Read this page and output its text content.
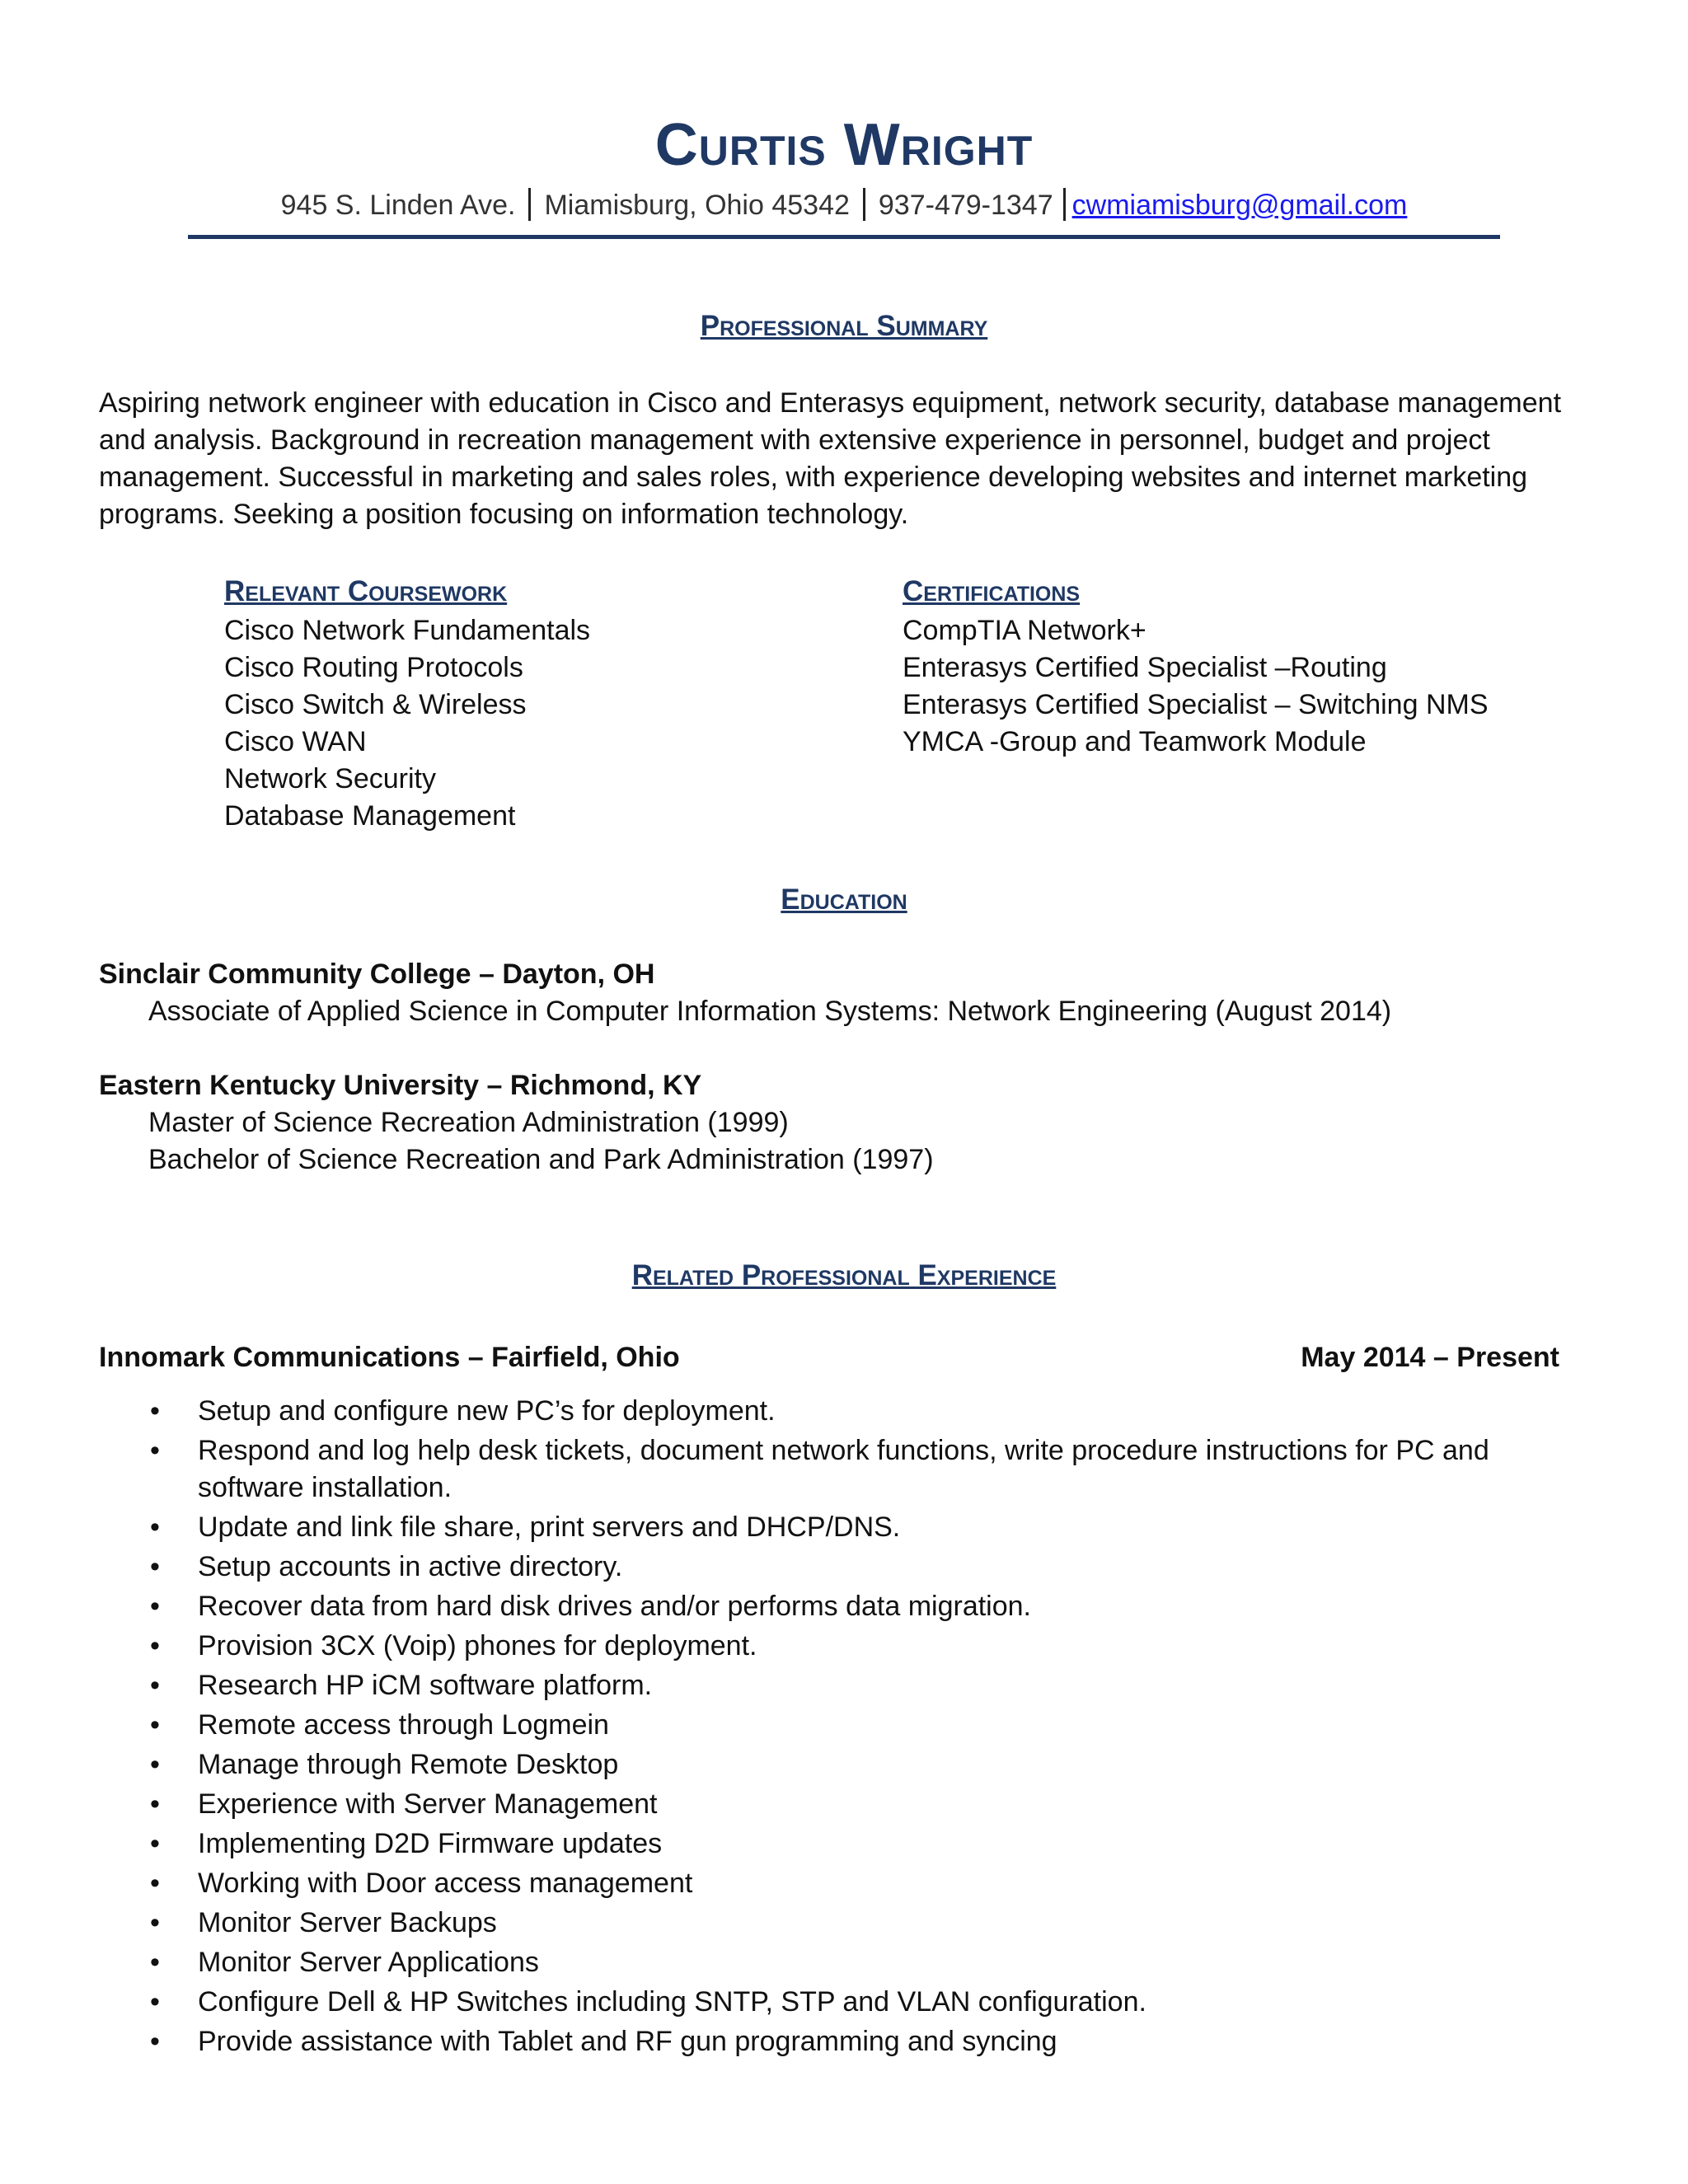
Curtis Wright
945 S. Linden Ave. Miamisburg, Ohio 45342 937-479-1347 cwmiamisburg@gmail.com
Professional Summary

Aspiring network engineer with education in Cisco and Enterasys equipment, network security, database management and analysis. Background in recreation management with extensive experience in personnel, budget and project management. Successful in marketing and sales roles, with experience developing websites and internet marketing programs. Seeking a position focusing on information technology.

Relevant Coursework
Cisco Network Fundamentals
Cisco Routing Protocols
Cisco Switch & Wireless
Cisco WAN
Network Security
Database Management
Certifications
CompTIA Network+
Enterasys Certified Specialist –Routing
Enterasys Certified Specialist – Switching NMS
YMCA -Group and Teamwork Module
Education

Sinclair Community College – Dayton, OH

Associate of Applied Science in Computer Information Systems: Network Engineering (August 2014)

Eastern Kentucky University – Richmond, KY

Master of Science Recreation Administration (1999)

Bachelor of Science Recreation and Park Administration (1997)

Related Professional Experience
Innomark Communications – Fairfield, Ohio	May 2014 – Present
• Setup and configure new PC’s for deployment.
• Respond and log help desk tickets, document network functions, write procedure instructions for PC and software installation.
• Update and link file share, print servers and DHCP/DNS.
• Setup accounts in active directory.
• Recover data from hard disk drives and/or performs data migration.
• Provision 3CX (Voip) phones for deployment.
• Research HP iCM software platform.
• Remote access through Logmein
• Manage through Remote Desktop
• Experience with Server Management
• Implementing D2D Firmware updates
• Working with Door access management
• Monitor Server Backups
• Monitor Server Applications
• Configure Dell & HP Switches including SNTP, STP and VLAN configuration.
• Provide assistance with Tablet and RF gun programming and syncing
